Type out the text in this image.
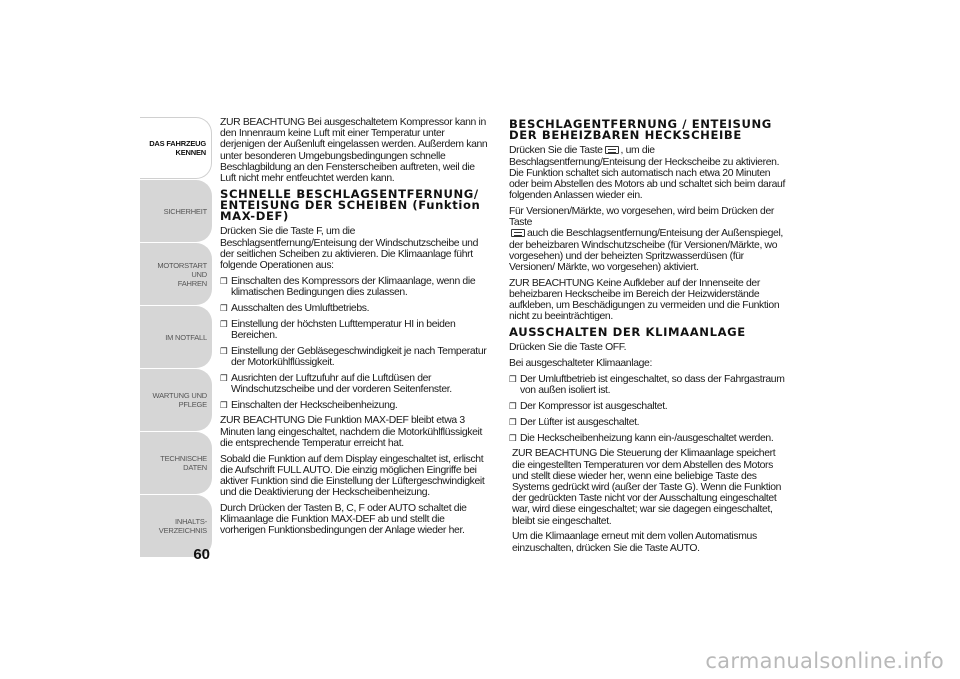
DAS FAHRZEUG
KENNEN
SICHERHEIT
MOTORSTART UND
FAHREN
IM NOTFALL
WARTUNG UND
PFLEGE
TECHNISCHE DATEN
INHALTS-
VERZEICHNIS
60

ZUR BEACHTUNG Bei ausgeschaltetem Kompressor kann in den Innenraum keine Luft mit einer Temperatur unter derjenigen der Außenluft eingelassen werden. Außerdem kann unter besonderen Umgebungsbedingungen schnelle Beschlagbildung an den Fensterscheiben auftreten, weil die Luft nicht mehr entfeuchtet werden kann.

SCHNELLE BESCHLAGSENTFERNUNG/ ENTEISUNG DER SCHEIBEN (Funktion MAX-DEF)

Drücken Sie die Taste F, um die Beschlagsentfernung/Enteisung der Windschutzscheibe und der seitlichen Scheiben zu aktivieren. Die Klimaanlage führt folgende Operationen aus:

❒ Einschalten des Kompressors der Klimaanlage, wenn die klimatischen Bedingungen dies zulassen.
❒ Ausschalten des Umluftbetriebs.
❒ Einstellung der höchsten Lufttemperatur HI in beiden Bereichen.
❒ Einstellung der Gebläsegeschwindigkeit je nach Temperatur der Motorkühlflüssigkeit.
❒ Ausrichten der Luftzufuhr auf die Luftdüsen der Windschutzscheibe und der vorderen Seitenfenster.
❒ Einschalten der Heckscheibenheizung.

ZUR BEACHTUNG Die Funktion MAX-DEF bleibt etwa 3 Minuten lang eingeschaltet, nachdem die Motorkühlflüssigkeit die entsprechende Temperatur erreicht hat.

Sobald die Funktion auf dem Display eingeschaltet ist, erlischt die Aufschrift FULL AUTO. Die einzig möglichen Eingriffe bei aktiver Funktion sind die Einstellung der Lüftergeschwindigkeit und die Deaktivierung der Heckscheibenheizung.

Durch Drücken der Tasten B, C, F oder AUTO schaltet die Klimaanlage die Funktion MAX-DEF ab und stellt die vorherigen Funktionsbedingungen der Anlage wieder her.

BESCHLAGENTFERNUNG / ENTEISUNG DER BEHEIZBAREN HECKSCHEIBE

Drücken Sie die Taste , um die Beschlagsentfernung/Enteisung der Heckscheibe zu aktivieren. Die Funktion schaltet sich automatisch nach etwa 20 Minuten oder beim Abstellen des Motors ab und schaltet sich beim darauf folgenden Anlassen wieder ein.

Für Versionen/Märkte, wo vorgesehen, wird beim Drücken der Taste
auch die Beschlagsentfernung/Enteisung der Außenspiegel, der beheizbaren Windschutzscheibe (für Versionen/Märkte, wo vorgesehen) und der beheizten Spritzwasserdüsen (für Versionen/ Märkte, wo vorgesehen) aktiviert.

ZUR BEACHTUNG Keine Aufkleber auf der Innenseite der beheizbaren Heckscheibe im Bereich der Heizwiderstände aufkleben, um Beschädigungen zu vermeiden und die Funktion nicht zu beeinträchtigen.

AUSSCHALTEN DER KLIMAANLAGE

Drücken Sie die Taste OFF.

Bei ausgeschalteter Klimaanlage:

❒ Der Umluftbetrieb ist eingeschaltet, so dass der Fahrgastraum von außen isoliert ist.
❒ Der Kompressor ist ausgeschaltet.
❒ Der Lüfter ist ausgeschaltet.
❒ Die Heckscheibenheizung kann ein-/ausgeschaltet werden.

ZUR BEACHTUNG Die Steuerung der Klimaanlage speichert die eingestellten Temperaturen vor dem Abstellen des Motors und stellt diese wieder her, wenn eine beliebige Taste des Systems gedrückt wird (außer der Taste G). Wenn die Funktion der gedrückten Taste nicht vor der Ausschaltung eingeschaltet war, wird diese eingeschaltet; war sie dagegen eingeschaltet, bleibt sie eingeschaltet.

Um die Klimaanlage erneut mit dem vollen Automatismus einzuschalten, drücken Sie die Taste AUTO.

carmanualsonline.info
